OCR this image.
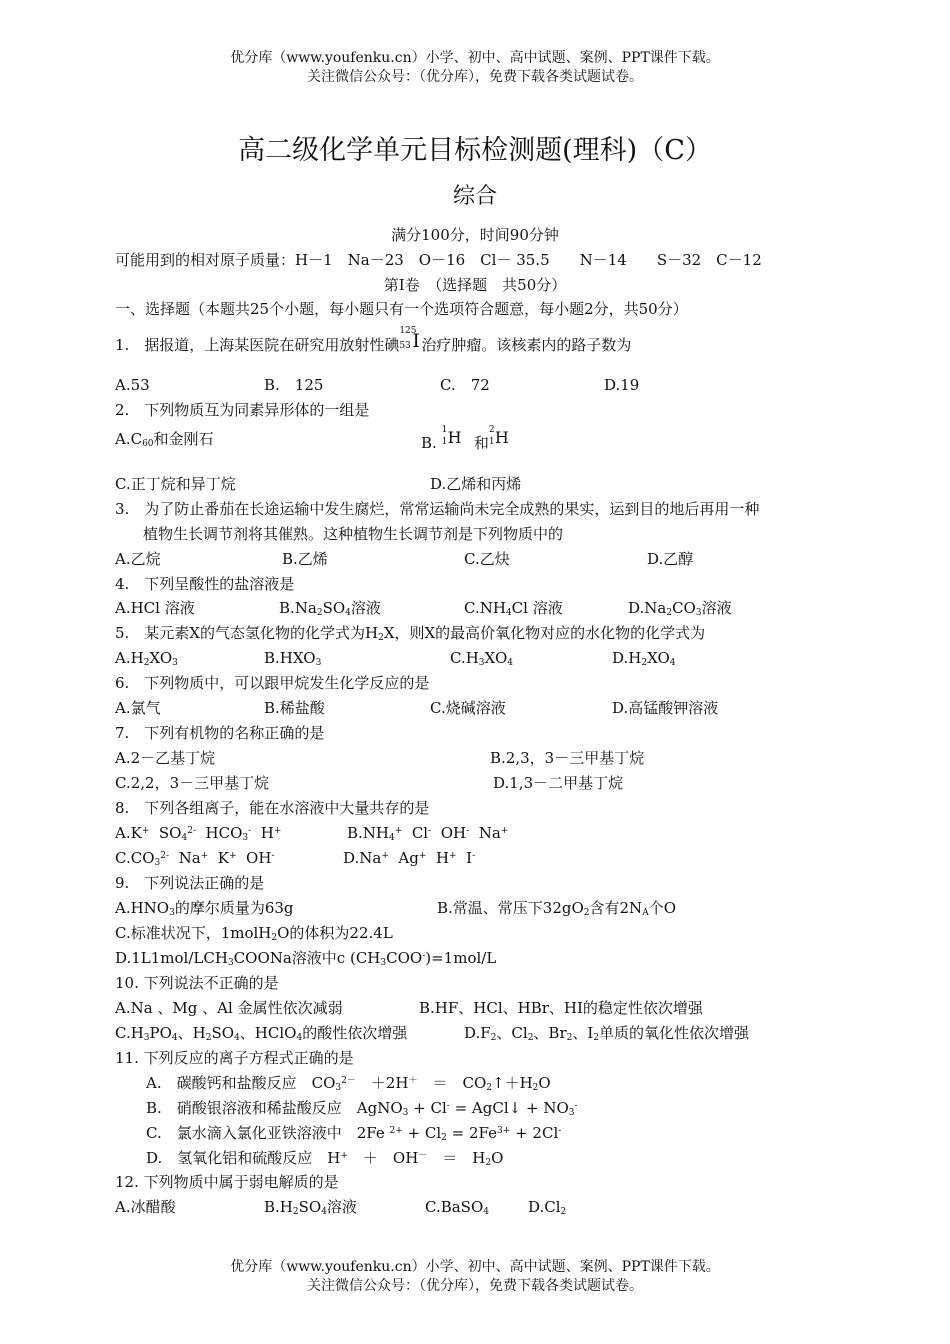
优分库（www.youfenku.cn）小学、初中、高中试题、案例、PPT课件下载。
关注微信公众号：（优分库），免费下载各类试题试卷。
高二级化学单元目标检测题(理科)（C）
综合
满分100分，时间90分钟
可能用到的相对原子质量：H－1　Na－23　O－16　Cl－ 35.5　　N－14　　S－32　C－12
第I卷　（选择题　共50分）
一、选择题（本题共25个小题，每小题只有一个选项符合题意，每小题2分，共50分）
1.　据报道，上海某医院在研究用放射性碘
125
53 I 治疗肿瘤。该核素内的路子数为
A.53	B.　125	C.　72	D.19
2.　下列物质互为同素异形体的一组是
$A.C_{60}$和金刚石	B.
1
1 H 和
2
1 H
C.正丁烷和异丁烷	D.乙烯和丙烯
3.　为了防止番茄在长途运输中发生腐烂，常常运输尚未完全成熟的果实，运到目的地后再用一种
植物生长调节剂将其催熟。这种植物生长调节剂是下列物质中的
A.乙烷	B.乙烯	C.乙炔	D.乙醇
4.　下列呈酸性的盐溶液是
A.HCl 溶液	$B.Na_2SO_4$溶液	$C.NH_4Cl$ 溶液	$D.Na_2CO_3$溶液
5.　某元素X的气态氢化物的化学式为$H_2X$，则X的最高价氧化物对应的水化物的化学式为
$A.H_2XO_3$	$B.HXO_3$	$C.H_3XO_4$	$D.H_2XO_4$
6.　下列物质中，可以跟甲烷发生化学反应的是
A.氯气	B.稀盐酸	C.烧碱溶液	D.高锰酸钾溶液
7.　下列有机物的名称正确的是
A.2－乙基丁烷	B.2,3，3－三甲基丁烷
C.2,2，3－三甲基丁烷	D.1,3－二甲基丁烷
8.　下列各组离子，能在水溶液中大量共存的是
A.K+ $SO_4^{2-}$ $HCO_3^-$ H+	$B.NH_4^+$ Cl- OH- Na+
$C.CO_3^{2-}$ Na+ K+ OH-	D.Na+ Ag+ H+ I-
9.　下列说法正确的是
$A.HNO_3$的摩尔质量为63g	B.常温、常压下$32gO_2$含有$2N_A$个O
C.标准状况下，1molH$_2$O的体积为22.4L
$D.1L1mol/LCH_3COONa$溶液中c $(CH_3COO^-)=1mol/L$
10. 下列说法不正确的是
A.Na 、Mg 、Al 金属性依次减弱	B.HF、HCl、HBr、HI的稳定性依次增强
$C.H_3PO_4$、$H_2SO_4$、HClO$_4$的酸性依次增强	$D.F_2$、$Cl_2$、$Br_2$、$I_2$单质的氧化性依次增强
11. 下列反应的离子方程式正确的是
A.　碳酸钙和盐酸反应　$CO_3^{2-}$　＋2H＋　＝　$CO_2↑+H_2O$
B.　硝酸银溶液和稀盐酸反应　AgNO$_3$ + Cl- = AgCl↓ + $NO_3^-$
C.　氯水滴入氯化亚铁溶液中　2Fe $^{2+} + Cl_2 = 2Fe^{3+} + 2Cl^-$
D.　氢氧化铝和硫酸反应　H+　＋　OH－　＝　$H_2O$
12. 下列物质中属于弱电解质的是
A.冰醋酸	$B.H_2SO_4$溶液	C.BaSO$_4$	$D.Cl_2$
优分库（www.youfenku.cn）小学、初中、高中试题、案例、PPT课件下载。
关注微信公众号：（优分库），免费下载各类试题试卷。
